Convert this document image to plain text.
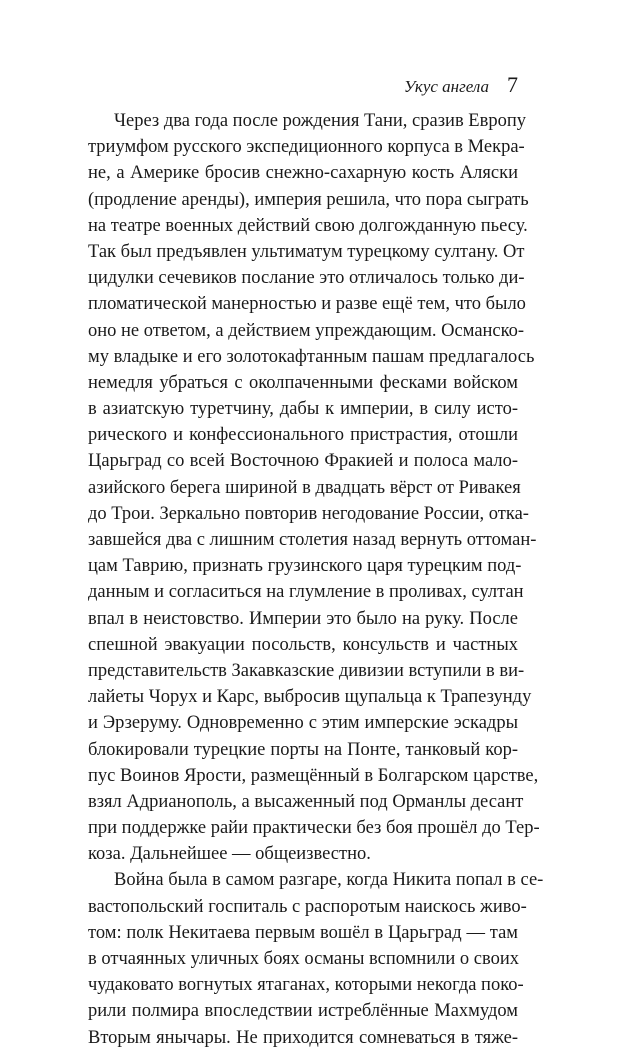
Укус ангела 7
Через два года после рождения Тани, сразив Европу
триумфом русского экспедиционного корпуса в Мекра-
не, а Америке бросив снежно-сахарную кость Аляски
(продление аренды), империя решила, что пора сыграть
на театре военных действий свою долгожданную пьесу.
Так был предъявлен ультиматум турецкому султану. От
цидулки сечевиков послание это отличалось только ди-
пломатической манерностью и разве ещё тем, что было
оно не ответом, а действием упреждающим. Османско-
му владыке и его золотокафтанным пашам предлагалось
немедля убраться с околпаченными фесками войском
в азиатскую туретчину, дабы к империи, в силу исто-
рического и конфессионального пристрастия, отошли
Царьград со всей Восточною Фракией и полоса мало-
азийского берега шириной в двадцать вёрст от Ривакея
до Трои. Зеркально повторив негодование России, отка-
завшейся два с лишним столетия назад вернуть оттоман-
цам Таврию, признать грузинского царя турецким под-
данным и согласиться на глумление в проливах, султан
впал в неистовство. Империи это было на руку. После
спешной эвакуации посольств, консульств и частных
представительств Закавказские дивизии вступили в ви-
лайеты Чорух и Карс, выбросив щупальца к Трапезунду
и Эрзеруму. Одновременно с этим имперские эскадры
блокировали турецкие порты на Понте, танковый кор-
пус Воинов Ярости, размещённый в Болгарском царстве,
взял Адрианополь, а высаженный под Орманлы десант
при поддержке райи практически без боя прошёл до Тер-
коза. Дальнейшее — общеизвестно.
Война была в самом разгаре, когда Никита попал в се-
вастопольский госпиталь с распоротым наискось живо-
том: полк Некитаева первым вошёл в Царьград — там
в отчаянных уличных боях османы вспомнили о своих
чудаковато вогнутых ятаганах, которыми некогда поко-
рили полмира впоследствии истреблённые Махмудом
Вторым янычары. Не приходится сомневаться в тяже-
